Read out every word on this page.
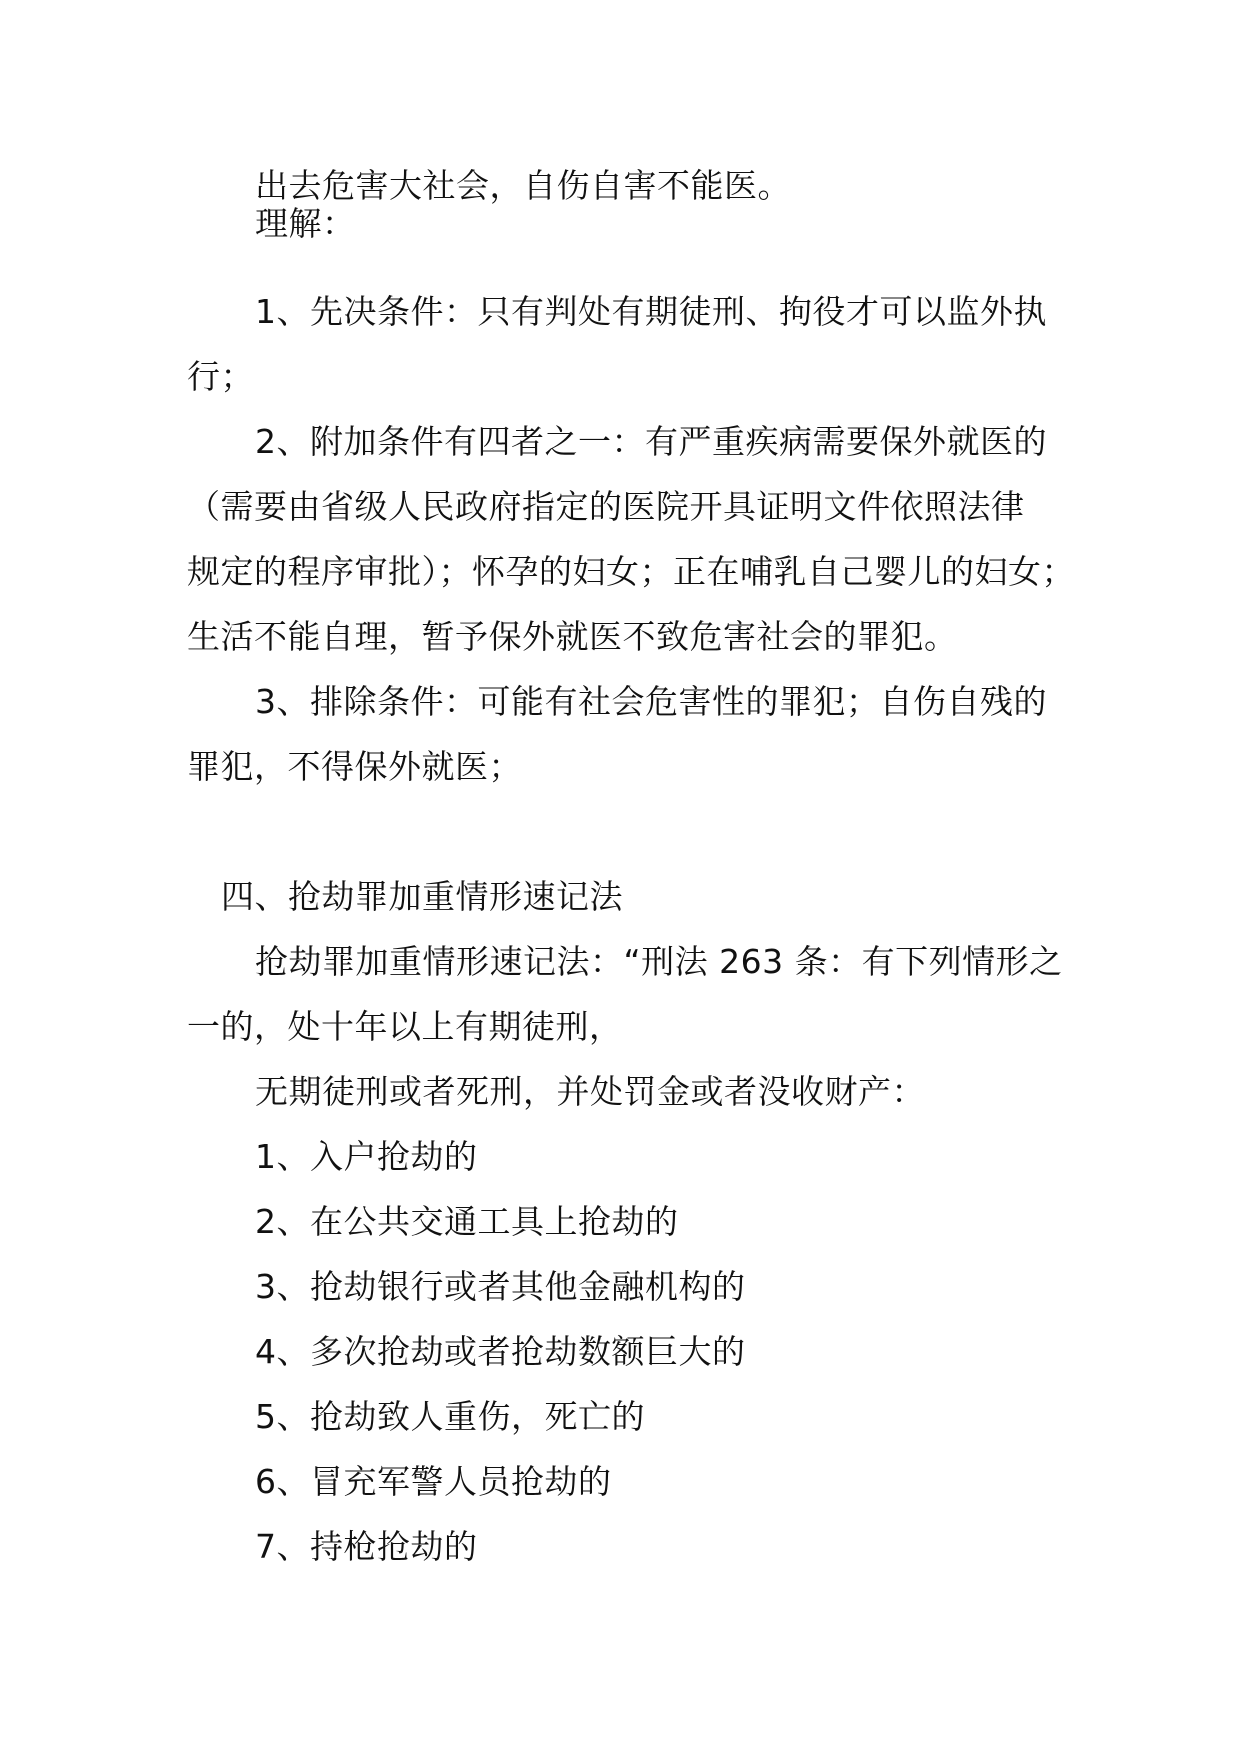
出去危害大社会，自伤自害不能医。
理解：
1、先决条件：只有判处有期徒刑、拘役才可以监外执
行；
2、附加条件有四者之一：有严重疾病需要保外就医的
（需要由省级人民政府指定的医院开具证明文件依照法律
规定的程序审批）；怀孕的妇女；正在哺乳自己婴儿的妇女；
生活不能自理，暂予保外就医不致危害社会的罪犯。
3、排除条件：可能有社会危害性的罪犯；自伤自残的
罪犯，不得保外就医；
四、抢劫罪加重情形速记法
抢劫罪加重情形速记法：“刑法 263 条：有下列情形之
一的，处十年以上有期徒刑，
无期徒刑或者死刑，并处罚金或者没收财产：
1、入户抢劫的
2、在公共交通工具上抢劫的
3、抢劫银行或者其他金融机构的
4、多次抢劫或者抢劫数额巨大的
5、抢劫致人重伤，死亡的
6、冒充军警人员抢劫的
7、持枪抢劫的
